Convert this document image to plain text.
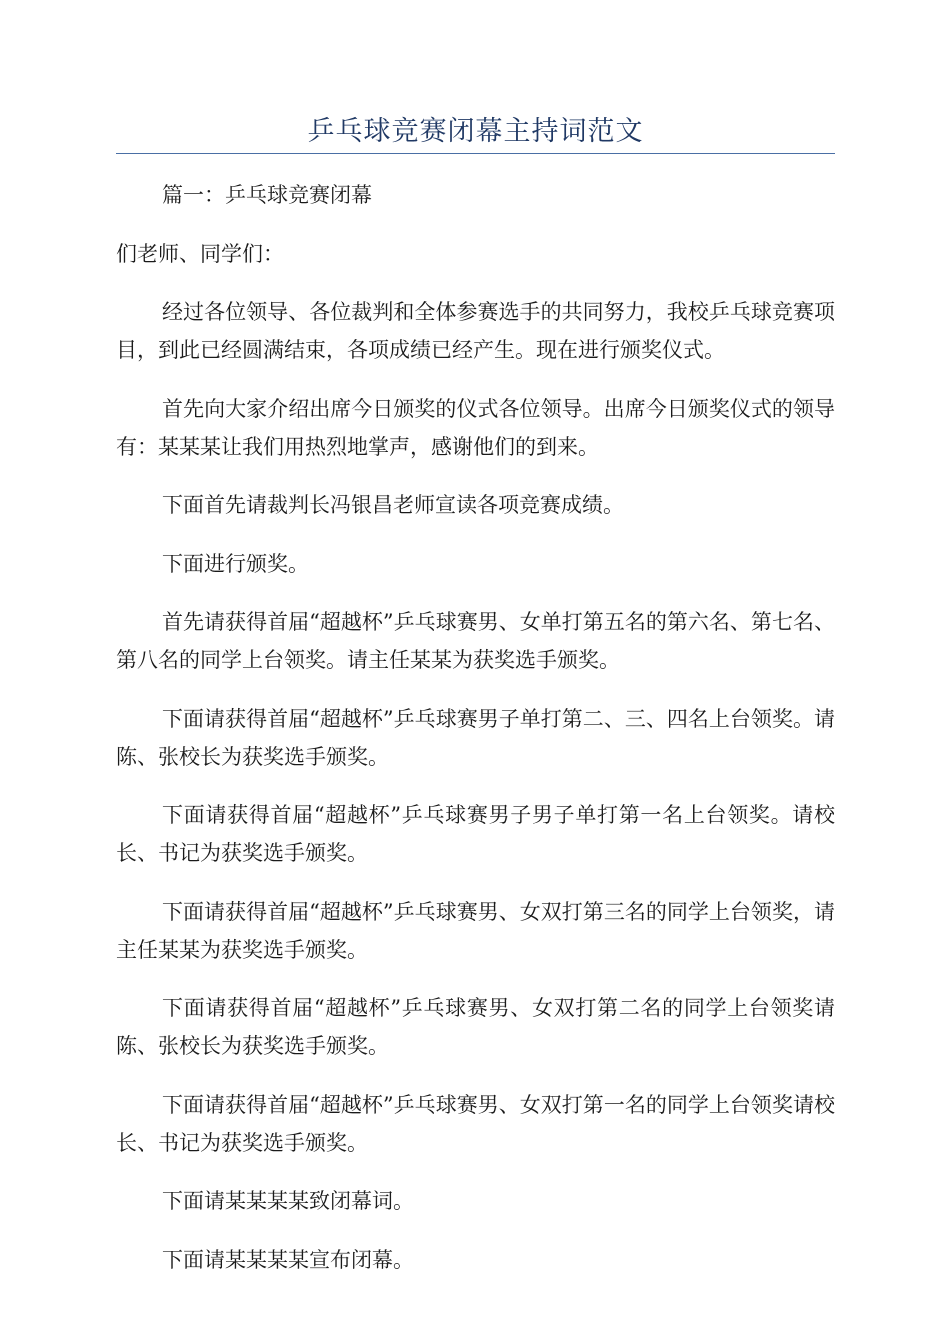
乒乓球竞赛闭幕主持词范文

篇一：乒乓球竞赛闭幕

们老师、同学们：

经过各位领导、各位裁判和全体参赛选手的共同努力，我校乒乓球竞赛项目，到此已经圆满结束，各项成绩已经产生。现在进行颁奖仪式。

首先向大家介绍出席今日颁奖的仪式各位领导。出席今日颁奖仪式的领导有：某某某让我们用热烈地掌声，感谢他们的到来。

下面首先请裁判长冯银昌老师宣读各项竞赛成绩。

下面进行颁奖。

首先请获得首届“超越杯”乒乓球赛男、女单打第五名的第六名、第七名、第八名的同学上台领奖。请主任某某为获奖选手颁奖。

下面请获得首届“超越杯”乒乓球赛男子单打第二、三、四名上台领奖。请陈、张校长为获奖选手颁奖。

下面请获得首届“超越杯”乒乓球赛男子男子单打第一名上台领奖。请校长、书记为获奖选手颁奖。

下面请获得首届“超越杯”乒乓球赛男、女双打第三名的同学上台领奖，请主任某某为获奖选手颁奖。

下面请获得首届“超越杯”乒乓球赛男、女双打第二名的同学上台领奖请陈、张校长为获奖选手颁奖。

下面请获得首届“超越杯”乒乓球赛男、女双打第一名的同学上台领奖请校长、书记为获奖选手颁奖。

下面请某某某某致闭幕词。

下面请某某某某宣布闭幕。
